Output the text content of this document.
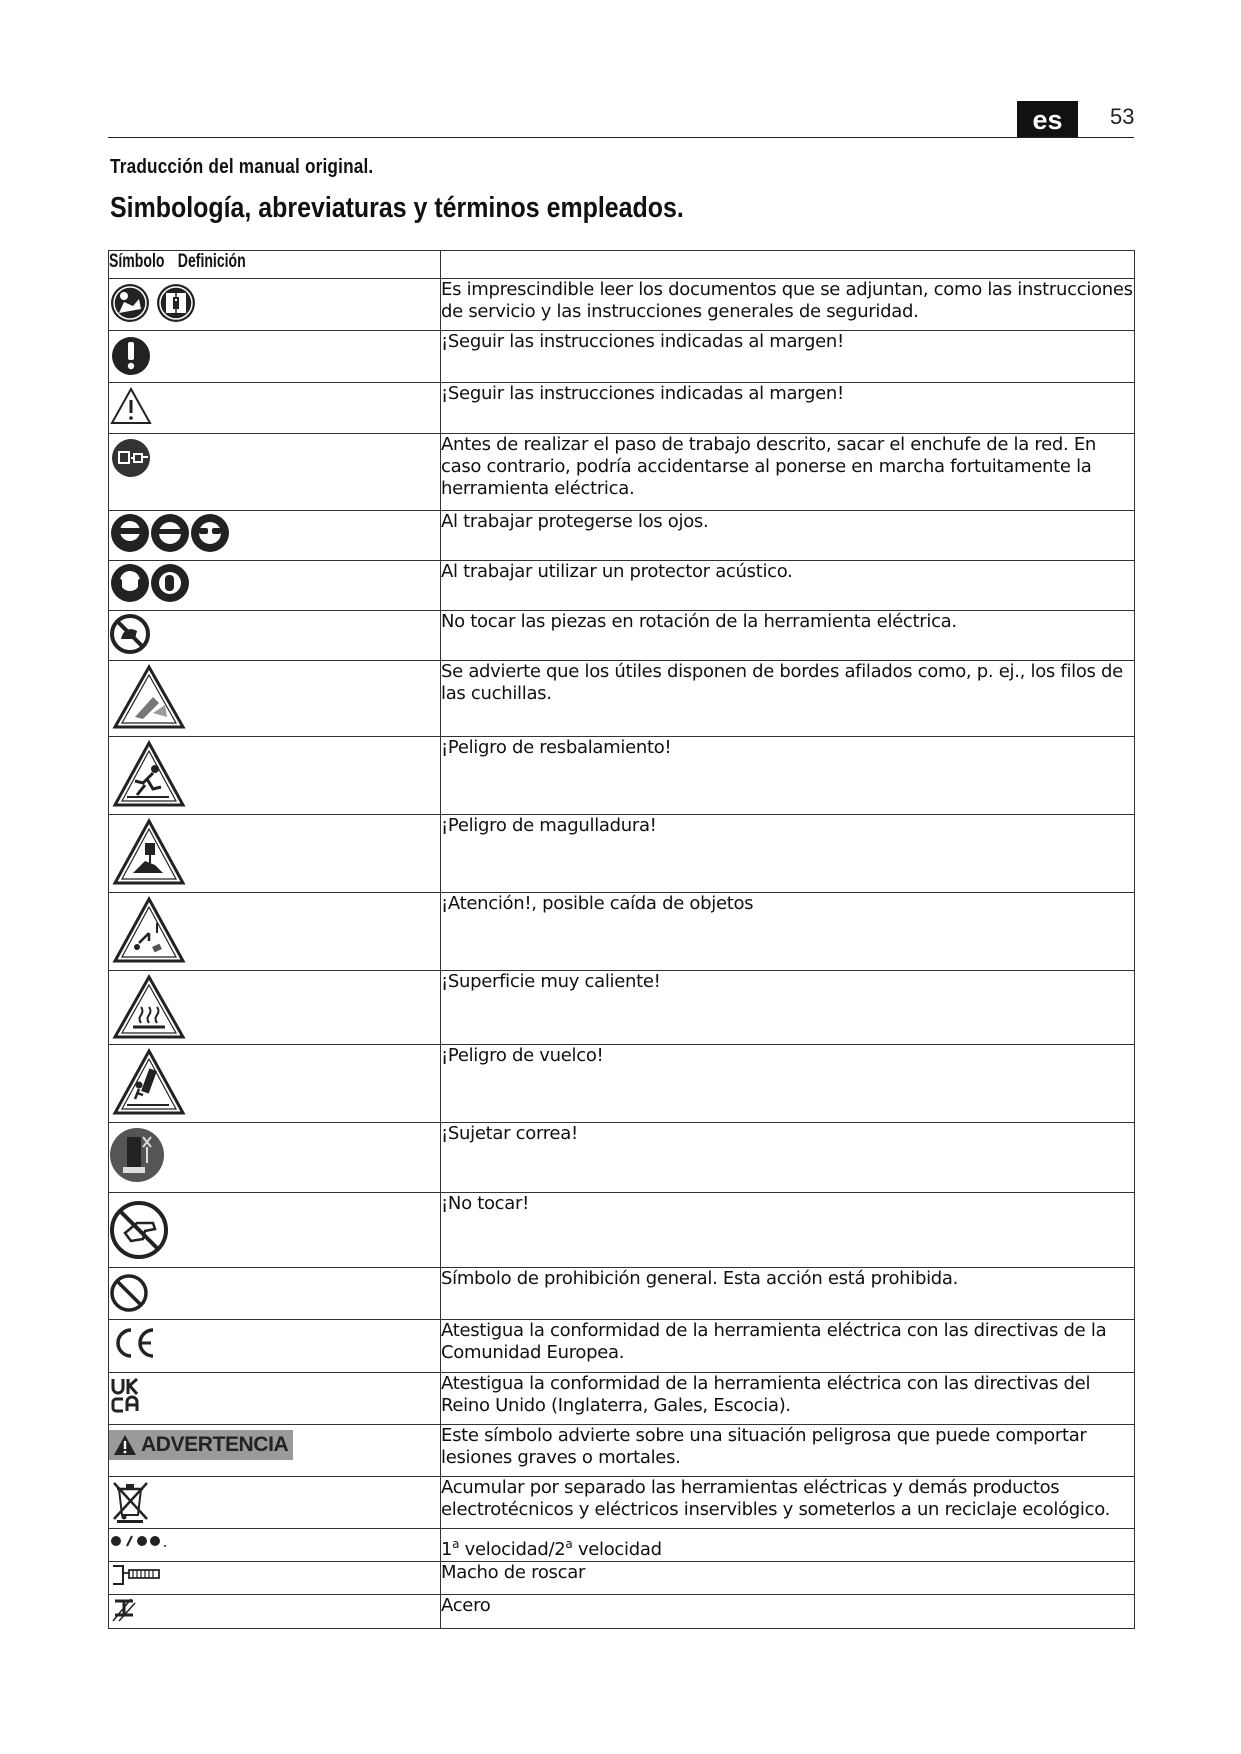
es	53
Traducción del manual original.
Simbología, abreviaturas y términos empleados.
Símbolo Definición	

	Es imprescindible leer los documentos que se adjuntan, como las instrucciones de servicio y las instrucciones generales de seguridad.

	¡Seguir las instrucciones indicadas al margen!

	¡Seguir las instrucciones indicadas al margen!

	Antes de realizar el paso de trabajo descrito, sacar el enchufe de la red. En caso contrario, podría accidentarse al ponerse en marcha fortuitamente la herramienta eléctrica.

	Al trabajar protegerse los ojos.

	Al trabajar utilizar un protector acústico.

	No tocar las piezas en rotación de la herramienta eléctrica.

	Se advierte que los útiles disponen de bordes afilados como, p. ej., los filos de las cuchillas.

	¡Peligro de resbalamiento!

	¡Peligro de magulladura!

	¡Atención!, posible caída de objetos

	¡Superficie muy caliente!

	¡Peligro de vuelco!

	¡Sujetar correa!

	¡No tocar!

	Símbolo de prohibición general. Esta acción está prohibida.

	Atestigua la conformidad de la herramienta eléctrica con las directivas de la Comunidad Europea.

	Atestigua la conformidad de la herramienta eléctrica con las directivas del Reino Unido (Inglaterra, Gales, Escocia).

ADVERTENCIA	Este símbolo advierte sobre una situación peligrosa que puede comportar lesiones graves o mortales.

	Acumular por separado las herramientas eléctricas y demás productos electrotécnicos y eléctricos inservibles y someterlos a un reciclaje ecológico.

	1$^a$ velocidad/2$^a$ velocidad

	Macho de roscar

	Acero
